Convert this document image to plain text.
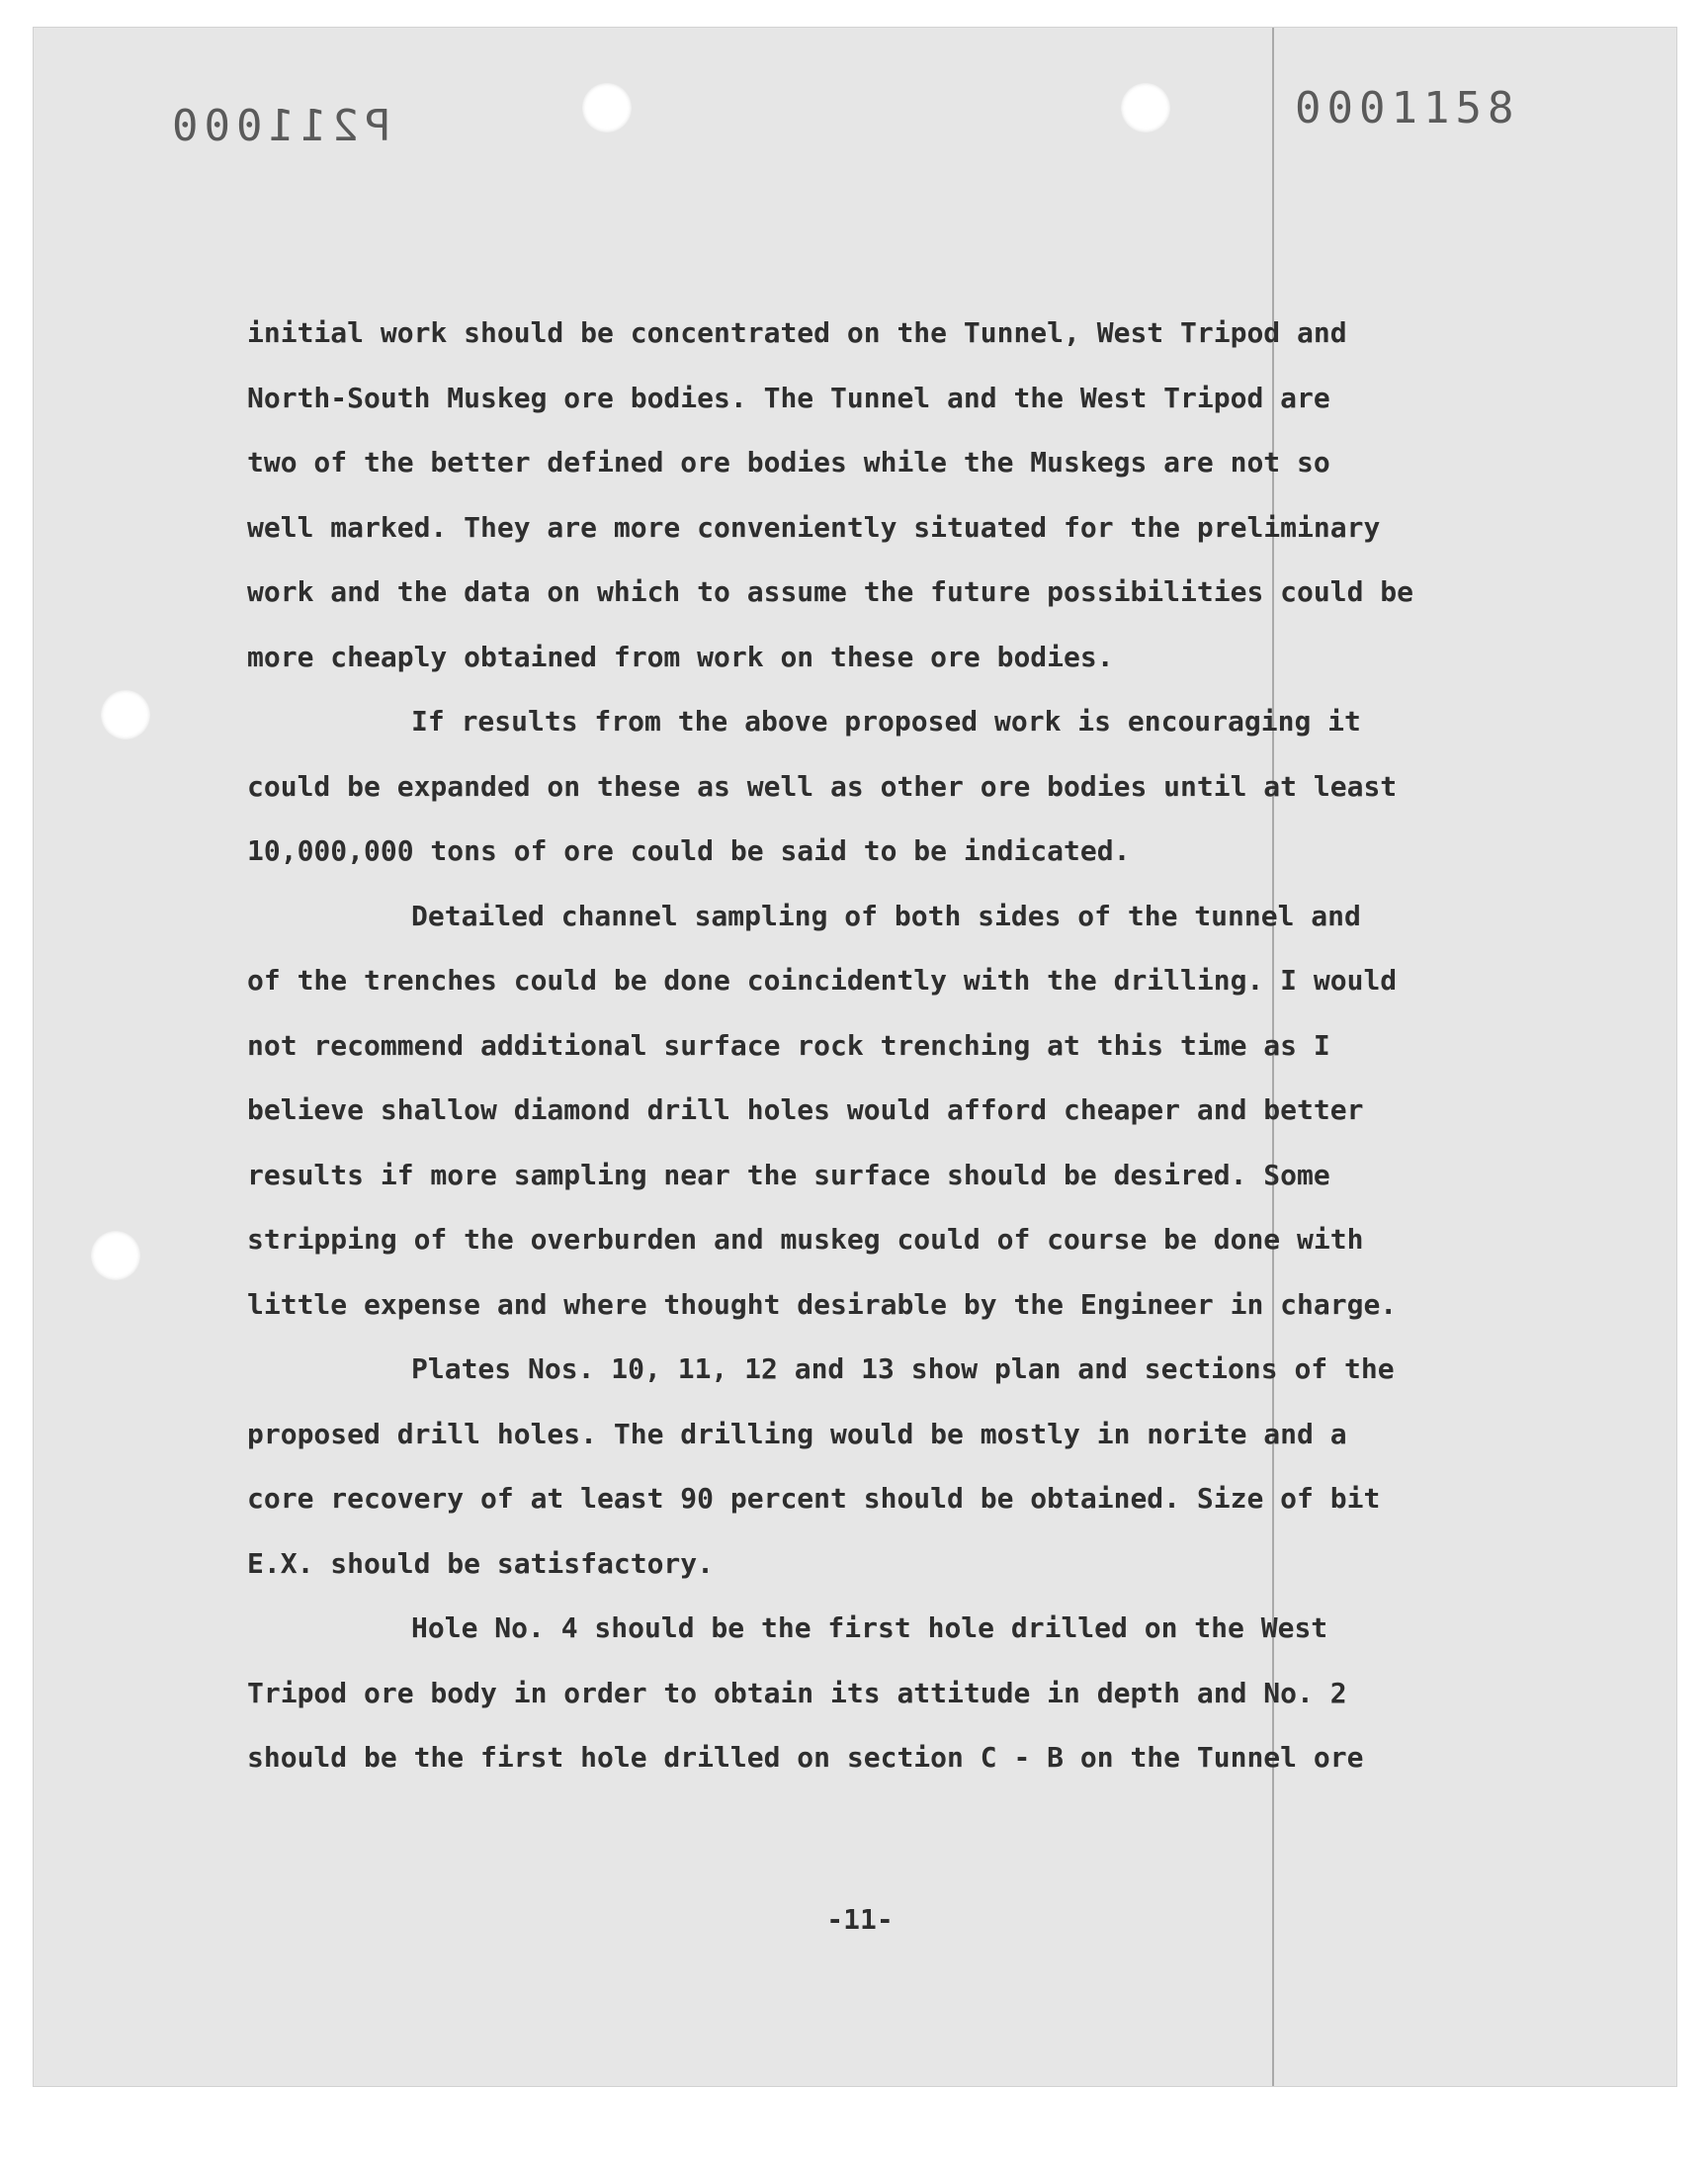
P211000	0001158

initial work should be concentrated on the Tunnel, West Tripod and
North-South Muskeg ore bodies. The Tunnel and the West Tripod are
two of the better defined ore bodies while the Muskegs are not so
well marked. They are more conveniently situated for the preliminary
work and the data on which to assume the future possibilities could be
more cheaply obtained from work on these ore bodies.
If results from the above proposed work is encouraging it
could be expanded on these as well as other ore bodies until at least
10,000,000 tons of ore could be said to be indicated.
Detailed channel sampling of both sides of the tunnel and
of the trenches could be done coincidently with the drilling. I would
not recommend additional surface rock trenching at this time as I
believe shallow diamond drill holes would afford cheaper and better
results if more sampling near the surface should be desired. Some
stripping of the overburden and muskeg could of course be done with
little expense and where thought desirable by the Engineer in charge.
Plates Nos. 10, 11, 12 and 13 show plan and sections of the
proposed drill holes. The drilling would be mostly in norite and a
core recovery of at least 90 percent should be obtained. Size of bit
E.X. should be satisfactory.
Hole No. 4 should be the first hole drilled on the West
Tripod ore body in order to obtain its attitude in depth and No. 2
should be the first hole drilled on section C - B on the Tunnel ore

-11-
